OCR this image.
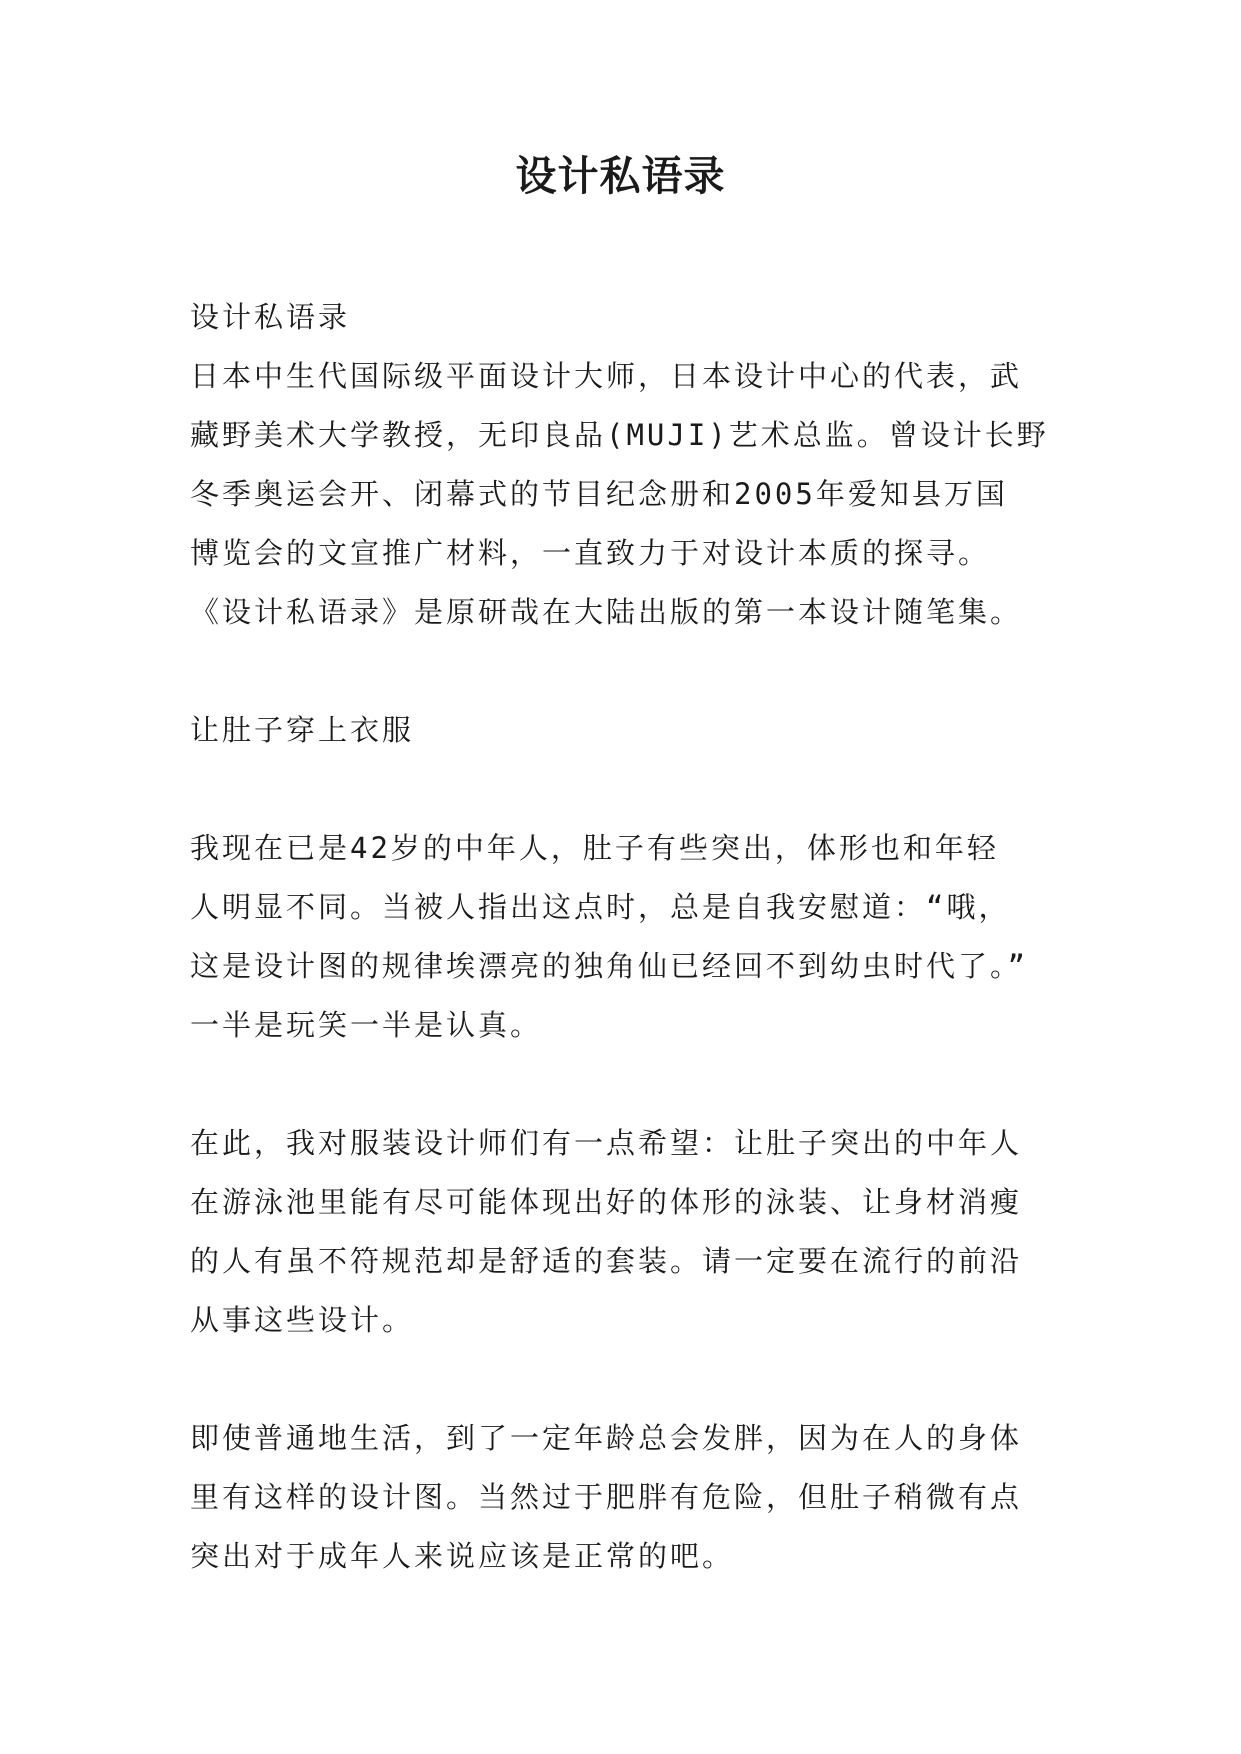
设计私语录

设计私语录

日本中生代国际级平面设计大师，日本设计中心的代表，武
藏野美术大学教授，无印良品(MUJI)艺术总监。曾设计长野
冬季奥运会开、闭幕式的节目纪念册和2005年爱知县万国
博览会的文宣推广材料，一直致力于对设计本质的探寻。
《设计私语录》是原研哉在大陆出版的第一本设计随笔集。

让肚子穿上衣服

我现在已是42岁的中年人，肚子有些突出，体形也和年轻
人明显不同。当被人指出这点时，总是自我安慰道：“哦，
这是设计图的规律埃漂亮的独角仙已经回不到幼虫时代了。”
一半是玩笑一半是认真。

在此，我对服装设计师们有一点希望：让肚子突出的中年人
在游泳池里能有尽可能体现出好的体形的泳装、让身材消瘦
的人有虽不符规范却是舒适的套装。请一定要在流行的前沿
从事这些设计。

即使普通地生活，到了一定年龄总会发胖，因为在人的身体
里有这样的设计图。当然过于肥胖有危险，但肚子稍微有点
突出对于成年人来说应该是正常的吧。
